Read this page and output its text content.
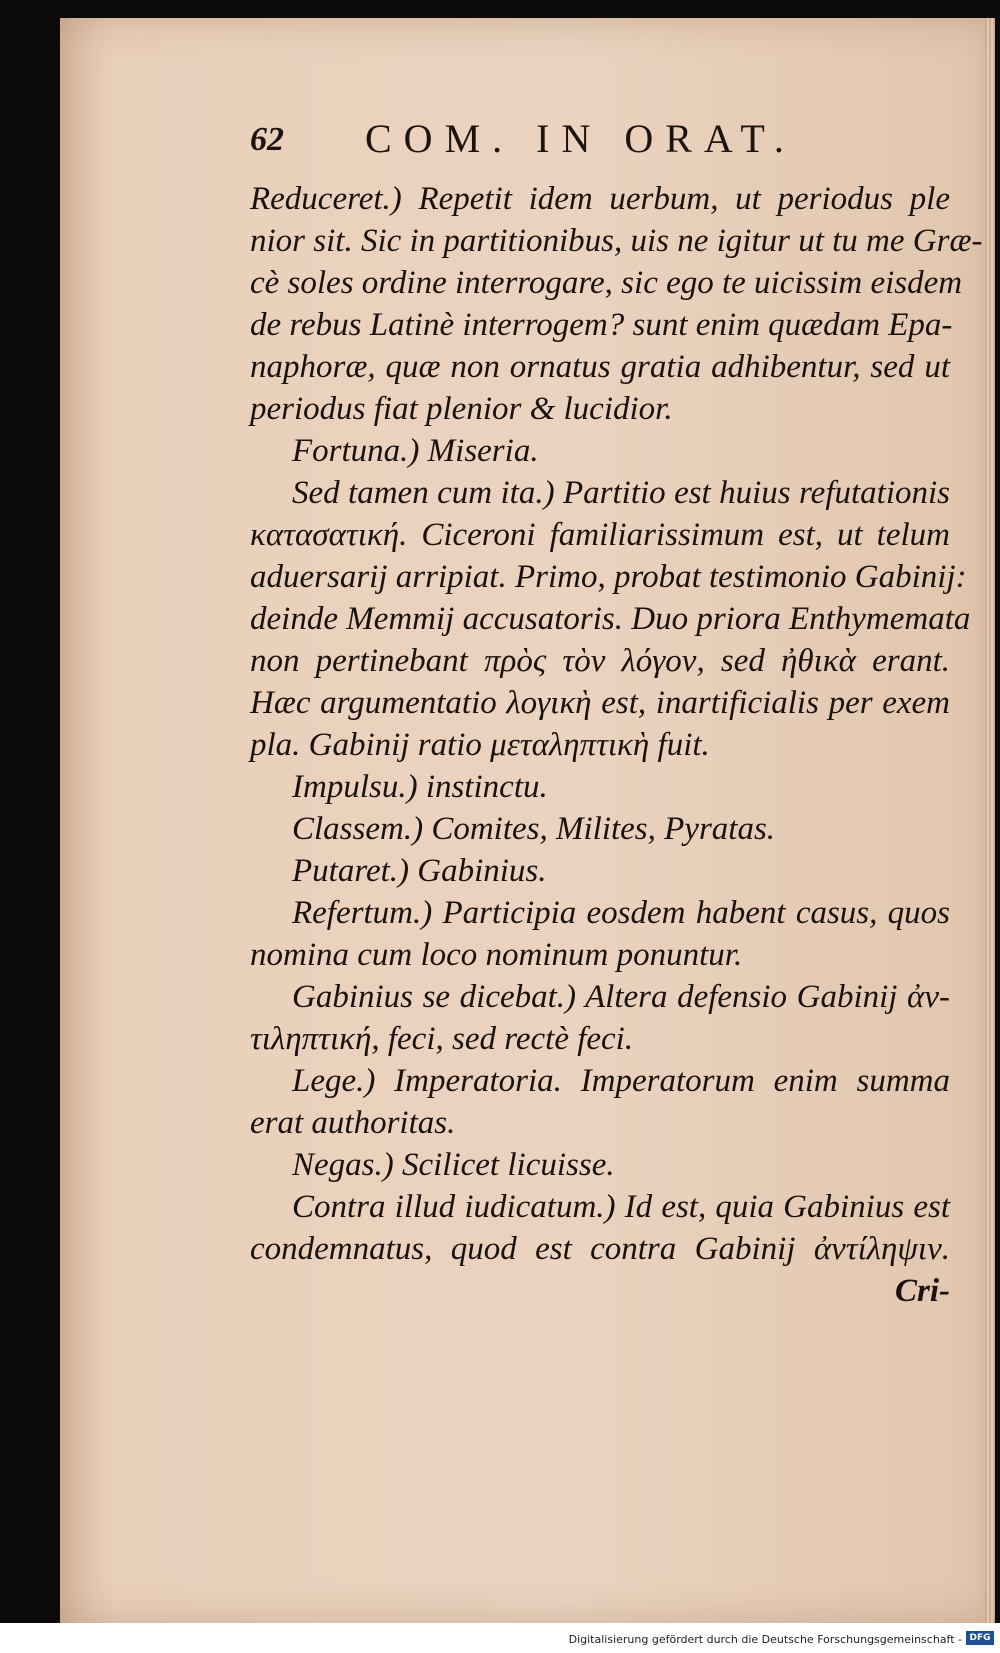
62 COM. IN ORAT.
Reduceret.) Repetit idem uerbum, ut periodus ple
nior sit. Sic in partitionibus, uis ne igitur ut tu me Græ-
cè soles ordine interrogare, sic ego te uicissim eisdem
de rebus Latinè interrogem? sunt enim quædam Epa-
naphoræ, quæ non ornatus gratia adhibentur, sed ut
periodus fiat plenior & lucidior.
Fortuna.) Miseria.
Sed tamen cum ita.) Partitio est huius refutationis
κατασατική. Ciceroni familiarissimum est, ut telum
aduersarij arripiat. Primo, probat testimonio Gabinij:
deinde Memmij accusatoris. Duo priora Enthymemata
non pertinebant πρὸς τὸν λόγον, sed ἠθικὰ erant.
Hæc argumentatio λογικὴ est, inartificialis per exem
pla. Gabinij ratio μεταληπτικὴ fuit.
Impulsu.) instinctu.
Classem.) Comites, Milites, Pyratas.
Putaret.) Gabinius.
Refertum.) Participia eosdem habent casus, quos
nomina cum loco nominum ponuntur.
Gabinius se dicebat.) Altera defensio Gabinij ἀν-
τιληπτική, feci, sed rectè feci.
Lege.) Imperatoria. Imperatorum enim summa
erat authoritas.
Negas.) Scilicet licuisse.
Contra illud iudicatum.) Id est, quia Gabinius est
condemnatus, quod est contra Gabinij ἀντίληψιν.
Cri-
Digitalisierung gefördert durch die Deutsche Forschungsgemeinschaft - DFG
